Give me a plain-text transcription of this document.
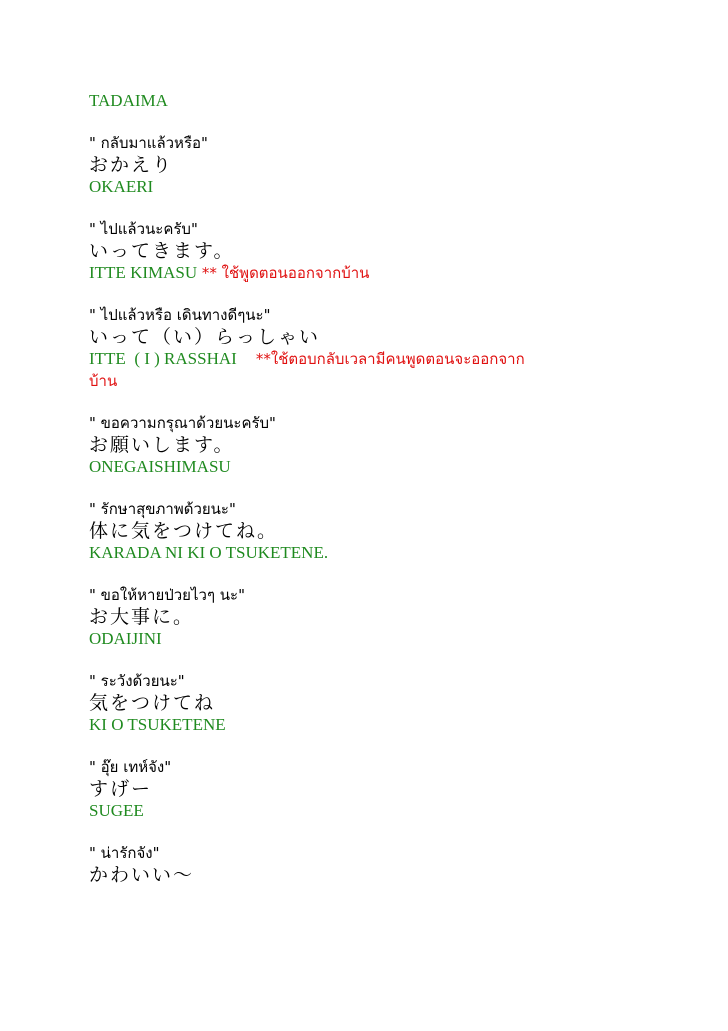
TADAIMA
" กลับมาแล้วหรือ"
おかえり
OKAERI
" ไปแล้วนะครับ"
いってきます。
ITTE KIMASU ** ใช้พูดตอนออกจากบ้าน
" ไปแล้วหรือ เดินทางดีๆนะ"
いって（い）らっしゃい
ITTE  ( I ) RASSHAI    **ใช้ตอบกลับเวลามีคนพูดตอนจะออกจาก
บ้าน
" ขอความกรุณาด้วยนะครับ"
お願いします。
ONEGAISHIMASU
" รักษาสุขภาพด้วยนะ"
体に気をつけてね。
KARADA NI KI O TSUKETENE.
" ขอให้หายป่วยไวๆ นะ"
お大事に。
ODAIJINI
" ระวังด้วยนะ"
気をつけてね
KI O TSUKETENE
" อุ๊ย เทห์จัง"
すげー
SUGEE
" น่ารักจัง"
かわいい～
